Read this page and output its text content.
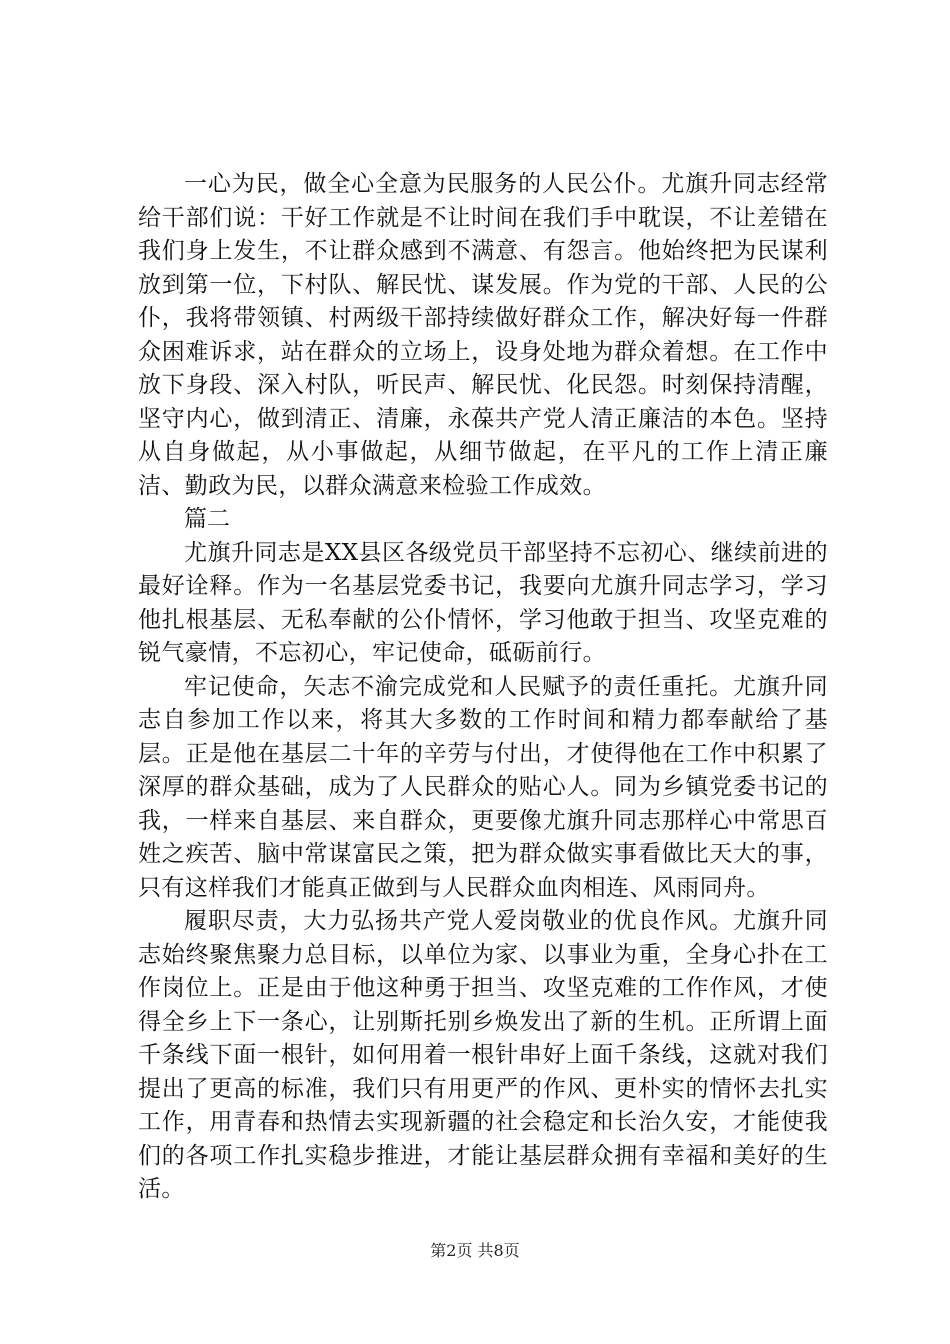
一心为民，做全心全意为民服务的人民公仆。尤旗升同志经常给干部们说：干好工作就是不让时间在我们手中耽误，不让差错在我们身上发生，不让群众感到不满意、有怨言。他始终把为民谋利放到第一位，下村队、解民忧、谋发展。作为党的干部、人民的公仆，我将带领镇、村两级干部持续做好群众工作，解决好每一件群众困难诉求，站在群众的立场上，设身处地为群众着想。在工作中放下身段、深入村队，听民声、解民忧、化民怨。时刻保持清醒，坚守内心，做到清正、清廉，永葆共产党人清正廉洁的本色。坚持从自身做起，从小事做起，从细节做起，在平凡的工作上清正廉洁、勤政为民，以群众满意来检验工作成效。

篇二

尤旗升同志是XX县区各级党员干部坚持不忘初心、继续前进的最好诠释。作为一名基层党委书记，我要向尤旗升同志学习，学习他扎根基层、无私奉献的公仆情怀，学习他敢于担当、攻坚克难的锐气豪情，不忘初心，牢记使命，砥砺前行。

牢记使命，矢志不渝完成党和人民赋予的责任重托。尤旗升同志自参加工作以来，将其大多数的工作时间和精力都奉献给了基层。正是他在基层二十年的辛劳与付出，才使得他在工作中积累了深厚的群众基础，成为了人民群众的贴心人。同为乡镇党委书记的我，一样来自基层、来自群众，更要像尤旗升同志那样心中常思百姓之疾苦、脑中常谋富民之策，把为群众做实事看做比天大的事，只有这样我们才能真正做到与人民群众血肉相连、风雨同舟。

履职尽责，大力弘扬共产党人爱岗敬业的优良作风。尤旗升同志始终聚焦聚力总目标，以单位为家、以事业为重，全身心扑在工作岗位上。正是由于他这种勇于担当、攻坚克难的工作作风，才使得全乡上下一条心，让别斯托别乡焕发出了新的生机。正所谓上面千条线下面一根针，如何用着一根针串好上面千条线，这就对我们提出了更高的标准，我们只有用更严的作风、更朴实的情怀去扎实工作，用青春和热情去实现新疆的社会稳定和长治久安，才能使我们的各项工作扎实稳步推进，才能让基层群众拥有幸福和美好的生活。

第2页 共8页
